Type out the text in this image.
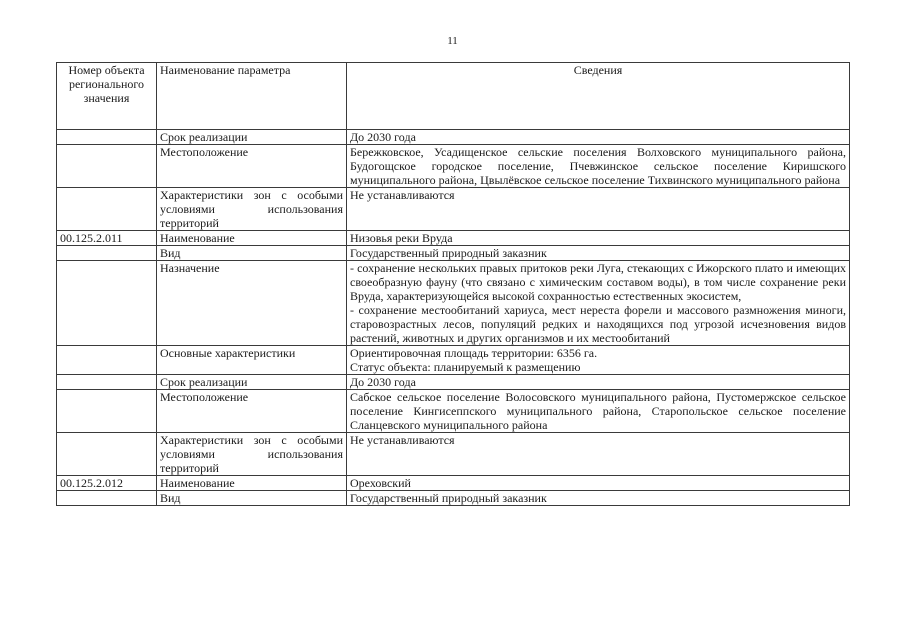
11
Номер объекта регионального значения	Наименование параметра	Сведения
	Срок реализации	До 2030 года

	Местоположение	Бережковское, Усадищенское сельские поселения Волховского муниципального района, Будогощское городское поселение, Пчевжинское сельское поселение Киришского муниципального района, Цвылёвское сельское поселение Тихвинского муниципального района

	Характеристики зон с особыми условиями использования территорий	Не устанавливаются

00.125.2.011	Наименование	Низовья реки Вруда

	Вид	Государственный природный заказник

	Назначение	- сохранение нескольких правых притоков реки Луга, стекающих с Ижорского плато и имеющих своеобразную фауну (что связано с химическим составом воды), в том числе сохранение реки Вруда, характеризующейся высокой сохранностью естественных экосистем,

- сохранение местообитаний хариуса, мест нереста форели и массового размножения миноги, старовозрастных лесов, популяций редких и находящихся под угрозой исчезновения видов растений, животных и других организмов и их местообитаний

	Основные характеристики	Ориентировочная площадь территории: 6356 га.

Статус объекта: планируемый к размещению

	Срок реализации	До 2030 года

	Местоположение	Сабское сельское поселение Волосовского муниципального района, Пустомержское сельское поселение Кингисеппского муниципального района, Старопольское сельское поселение Сланцевского муниципального района

	Характеристики зон с особыми условиями использования территорий	Не устанавливаются

00.125.2.012	Наименование	Ореховский

	Вид	Государственный природный заказник
